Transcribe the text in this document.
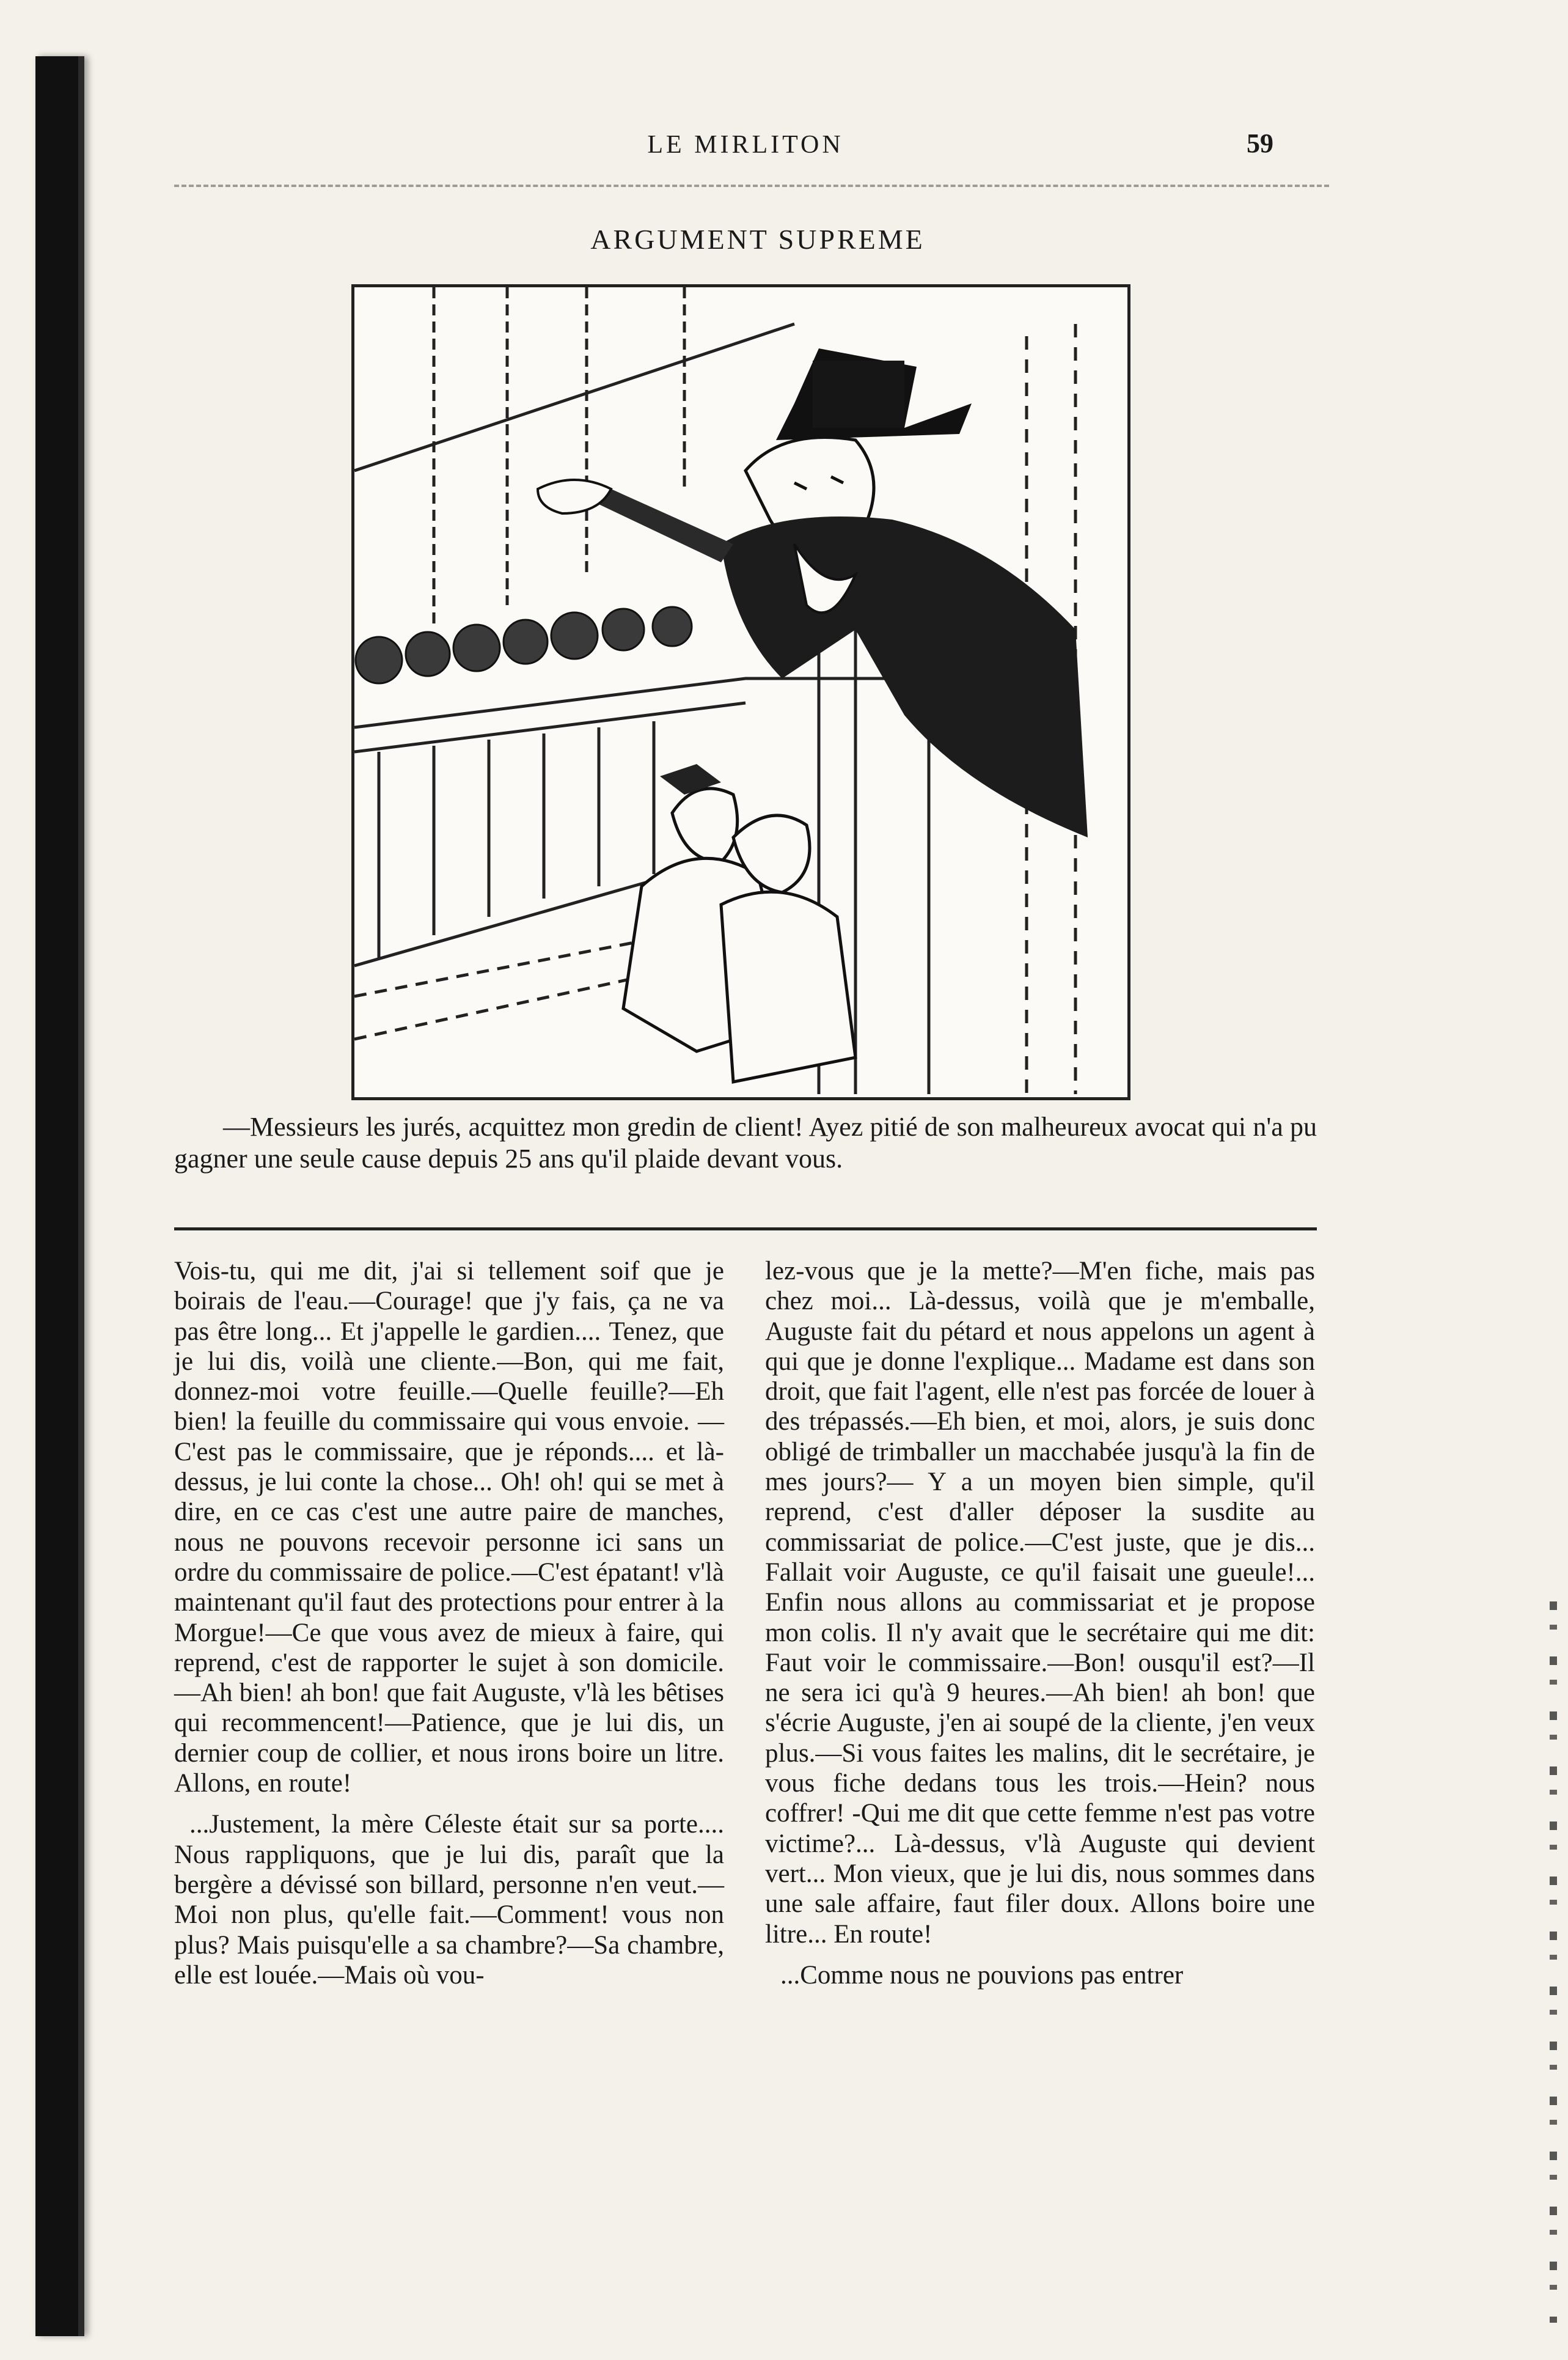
LE MIRLITON	59
ARGUMENT SUPREME

—Messieurs les jurés, acquittez mon gredin de client! Ayez pitié de son malheureux avocat qui n'a pu gagner une seule cause depuis 25 ans qu'il plaide devant vous.

Vois-tu, qui me dit, j'ai si tellement soif que je boirais de l'eau.—Courage! que j'y fais, ça ne va pas être long... Et j'appelle le gardien.... Tenez, que je lui dis, voilà une cliente.—Bon, qui me fait, donnez-moi votre feuille.—Quelle feuille?—Eh bien! la feuille du commissaire qui vous envoie. —C'est pas le commissaire, que je réponds.... et là-dessus, je lui conte la chose... Oh! oh! qui se met à dire, en ce cas c'est une autre paire de manches, nous ne pouvons recevoir personne ici sans un ordre du commissaire de police.—C'est épatant! v'là maintenant qu'il faut des protections pour entrer à la Morgue!—Ce que vous avez de mieux à faire, qui reprend, c'est de rapporter le sujet à son domicile. —Ah bien! ah bon! que fait Auguste, v'là les bêtises qui recommencent!—Patience, que je lui dis, un dernier coup de collier, et nous irons boire un litre. Allons, en route!

...Justement, la mère Céleste était sur sa porte.... Nous rappliquons, que je lui dis, paraît que la bergère a dévissé son billard, personne n'en veut.—Moi non plus, qu'elle fait.—Comment! vous non plus? Mais puisqu'elle a sa chambre?—Sa chambre, elle est louée.—Mais où vou-

lez-vous que je la mette?—M'en fiche, mais pas chez moi... Là-dessus, voilà que je m'emballe, Auguste fait du pétard et nous appelons un agent à qui que je donne l'explique... Madame est dans son droit, que fait l'agent, elle n'est pas forcée de louer à des trépassés.—Eh bien, et moi, alors, je suis donc obligé de trimballer un macchabée jusqu'à la fin de mes jours?— Y a un moyen bien simple, qu'il reprend, c'est d'aller déposer la susdite au commissariat de police.—C'est juste, que je dis... Fallait voir Auguste, ce qu'il faisait une gueule!... Enfin nous allons au commissariat et je propose mon colis. Il n'y avait que le secrétaire qui me dit: Faut voir le commissaire.—Bon! ousqu'il est?—Il ne sera ici qu'à 9 heures.—Ah bien! ah bon! que s'écrie Auguste, j'en ai soupé de la cliente, j'en veux plus.—Si vous faites les malins, dit le secrétaire, je vous fiche dedans tous les trois.—Hein? nous coffrer! -Qui me dit que cette femme n'est pas votre victime?... Là-dessus, v'là Auguste qui devient vert... Mon vieux, que je lui dis, nous sommes dans une sale affaire, faut filer doux. Allons boire une litre... En route!

...Comme nous ne pouvions pas entrer
